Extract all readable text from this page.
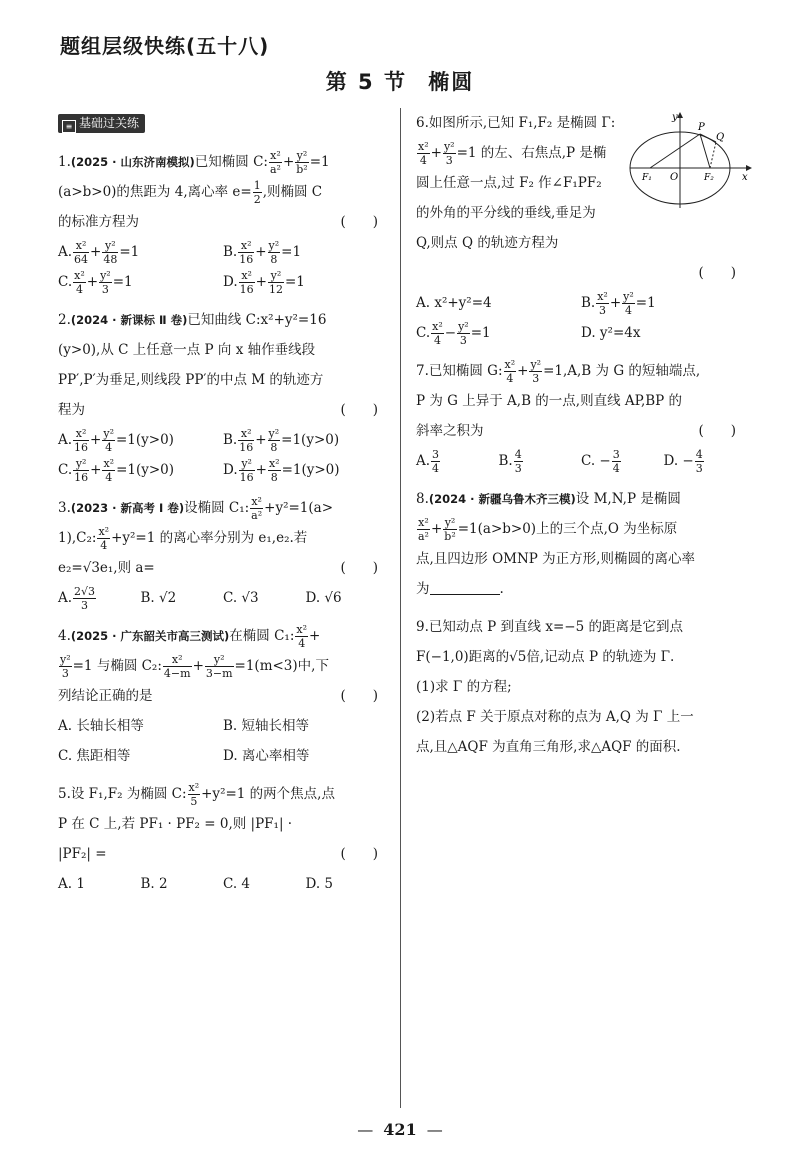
题组层级快练(五十八)
第 5 节 椭圆
≡ 基础过关练

1.(2025 · 山东济南模拟)已知椭圆 C: $\frac{\text{x²}}{\text{a²}} + \frac{\text{y²}}{\text{b²}} =1$

(a>b>0)的焦距为 4,离心率 $e= \frac{1}{2}$ ,则椭圆 C

的标准方程为	(  )

A. $\frac{\text{x²}}{64} + \frac{\text{y²}}{48} =1$	B. $\frac{\text{x²}}{16} + \frac{\text{y²}}{8} =1$
C. $\frac{\text{x²}}{4} + \frac{\text{y²}}{3} =1$	D. $\frac{\text{x²}}{16} + \frac{\text{y²}}{12} =1$

2.(2024 · 新课标 Ⅱ 卷)已知曲线 C:x²+y²=16

(y>0),从 C 上任意一点 P 向 x 轴作垂线段

PP′,P′为垂足,则线段 PP′的中点 M 的轨迹方

程为	(  )

A. $\frac{\text{x²}}{16} + \frac{\text{y²}}{4} =1(y>0)$	B. $\frac{\text{x²}}{16} + \frac{\text{y²}}{8} =1(y>0)$
C. $\frac{\text{y²}}{16} + \frac{\text{x²}}{4} =1(y>0)$	D. $\frac{\text{y²}}{16} + \frac{\text{x²}}{8} =1(y>0)$

3.(2023 · 新高考 Ⅰ 卷)设椭圆 C₁: $\frac{\text{x²}}{\text{a²}} +y^2=1(a>$

1),C₂: $\frac{\text{x²}}{4} +y^2=1$ 的离心率分别为 e₁,e₂.若

e₂=√3e₁,则 a=	(  )

A. $\frac{2√3}{3}$	B. √2	C. √3	D. √6

4.(2025 · 广东韶关市高三测试)在椭圆 C₁: $\frac{\text{x²}}{4}$ +

$\frac{\text{y²}}{3} =1$ 与椭圆 C₂: $\frac{\text{x²}}{4-m} + \frac{\text{y²}}{3-m} =1(m<3)$中,下

列结论正确的是	(  )

A. 长轴长相等	B. 短轴长相等
C. 焦距相等	D. 离心率相等

5.设 F₁,F₂ 为椭圆 C: $\frac{\text{x²}}{5} +y^2=1$ 的两个焦点,点

P 在 C 上,若 PF₁ · PF₂ = 0,则 |PF₁| ·

|PF₂| =	(  )

A. 1	B. 2	C. 4	D. 5

6.如图所示,已知 F₁,F₂ 是椭圆 Γ:

$\frac{\text{x²}}{4} + \frac{\text{y²}}{3} =1$ 的左、右焦点,P 是椭

圆上任意一点,过 F₂ 作∠F₁PF₂

的外角的平分线的垂线,垂足为

Q,则点 Q 的轨迹方程为

(  )

A. x²+y²=4	B. $\frac{\text{x²}}{3} + \frac{\text{y²}}{4} =1$
C. $\frac{\text{x²}}{4} - \frac{\text{y²}}{3} =1$	D. y²=4x

7.已知椭圆 G: $\frac{\text{x²}}{4} + \frac{\text{y²}}{3} =1,A,B$ 为 G 的短轴端点,

P 为 G 上异于 A,B 的一点,则直线 AP,BP 的

斜率之积为	(  )

A. $\frac{3}{4}$	B. $\frac{4}{3}$	C. − $\frac{3}{4}$	D. − $\frac{4}{3}$

8.(2024 · 新疆乌鲁木齐三模)设 M,N,P 是椭圆

$\frac{\text{x²}}{\text{a²}} + \frac{\text{y²}}{\text{b²}} =1(a>b>0)$上的三个点,O 为坐标原

点,且四边形 OMNP 为正方形,则椭圆的离心率

为	.

9.已知动点 P 到直线 x=−5 的距离是它到点

F(−1,0)距离的√5倍,记动点 P 的轨迹为 Γ.

(1)求 Γ 的方程;

(2)若点 F 关于原点对称的点为 A,Q 为 Γ 上一

点,且△AQF 为直角三角形,求△AQF 的面积.

y
x
P
Q
F₁ O	F₂
— 421 —
